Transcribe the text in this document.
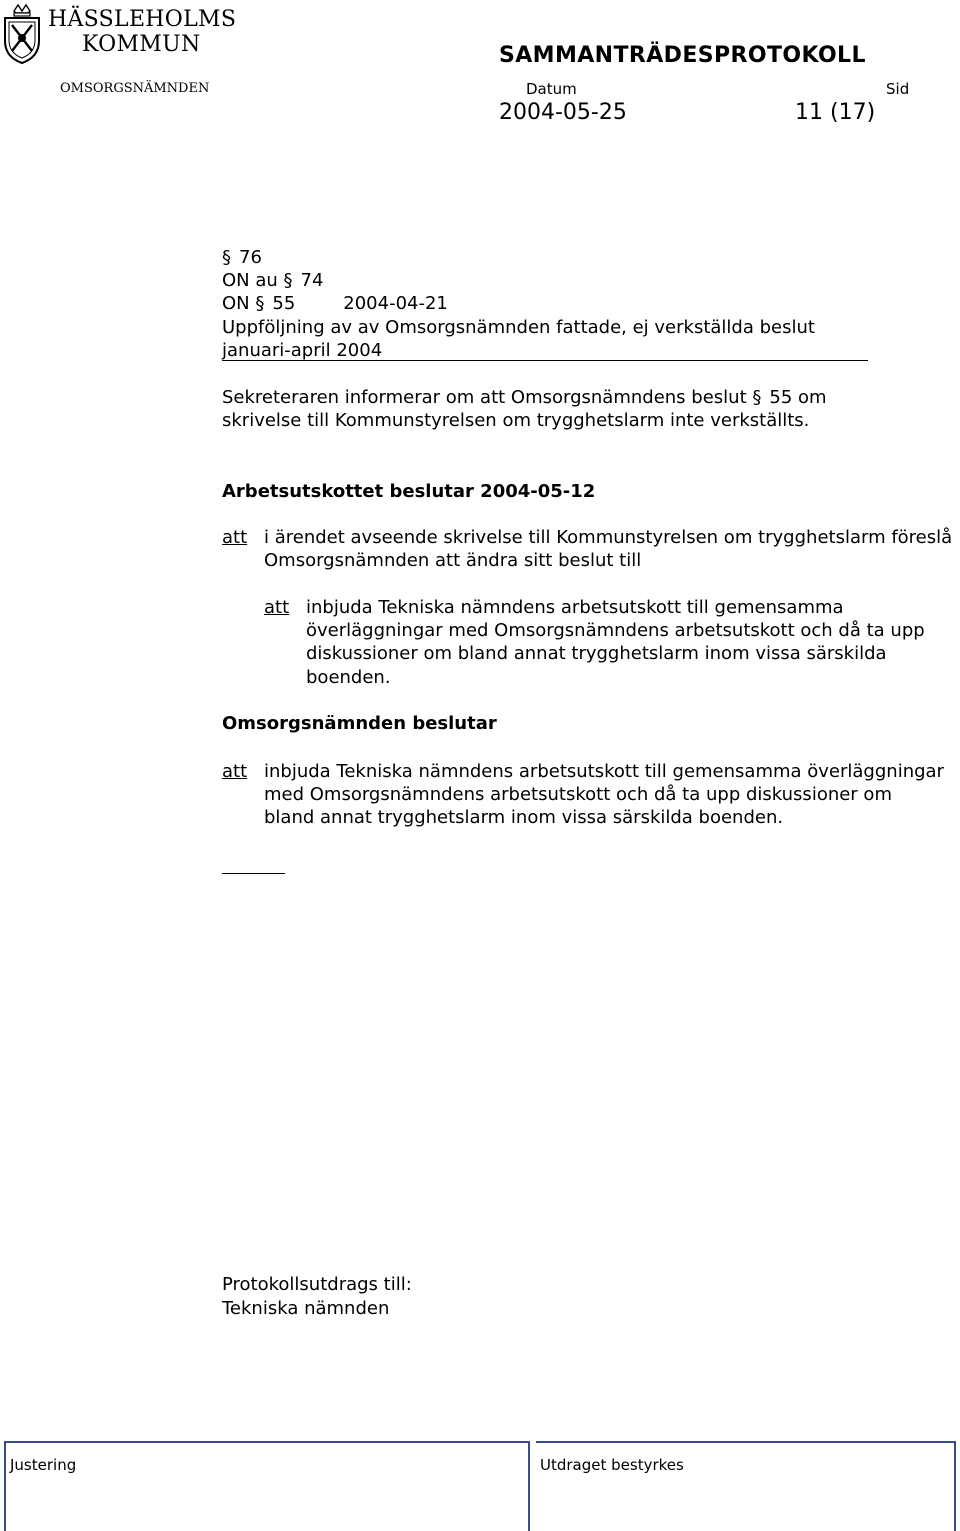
HÄSSLEHOLMS
KOMMUN	SAMMANTRÄDESPROTOKOLL
OMSORGSNÄMNDEN	Datum	Sid
2004-05-25	11 (17)
§ 76
ON au § 74
ON § 55	2004-04-21
Uppföljning av av Omsorgsnämnden fattade, ej verkställda beslut
januari-april 2004
Sekreteraren informerar om att Omsorgsnämndens beslut § 55 om
skrivelse till Kommunstyrelsen om trygghetslarm inte verkställts.
Arbetsutskottet beslutar 2004-05-12
att i ärendet avseende skrivelse till Kommunstyrelsen om trygghetslarm föreslå Omsorgsnämnden att ändra sitt beslut till
att inbjuda Tekniska nämndens arbetsutskott till gemensamma överläggningar med Omsorgsnämndens arbetsutskott och då ta upp diskussioner om bland annat trygghetslarm inom vissa särskilda boenden.
Omsorgsnämnden beslutar
att inbjuda Tekniska nämndens arbetsutskott till gemensamma överläggningar med Omsorgsnämndens arbetsutskott och då ta upp diskussioner om bland annat trygghetslarm inom vissa särskilda boenden.
Protokollsutdrags till:
Tekniska nämnden
Justering	Utdraget bestyrkes
